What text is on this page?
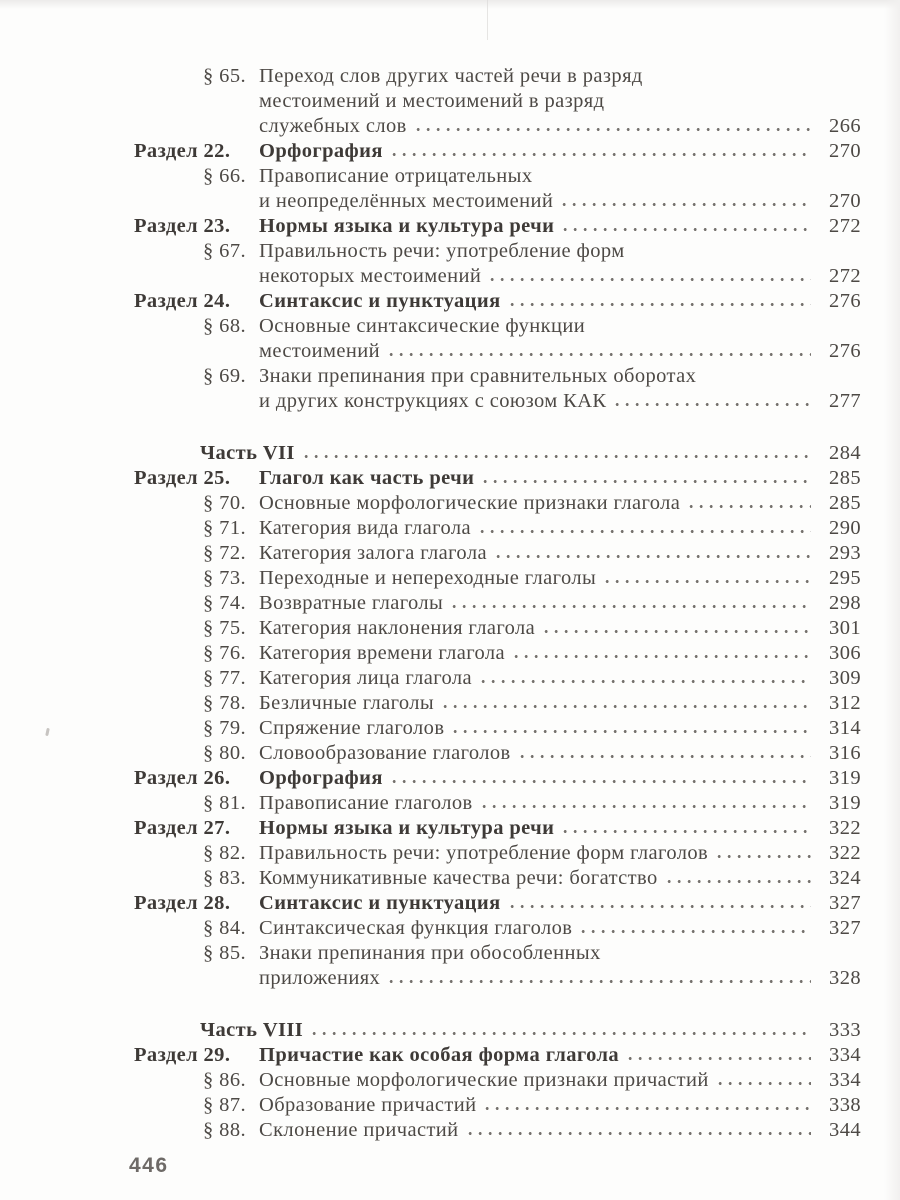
§ 65. Переход слов других частей речи в разряд
местоимений и местоимений в разряд
служебных слов	266
Раздел 22.	Орфография	270
§ 66. Правописание отрицательных
и неопределённых местоимений	270
Раздел 23.	Нормы языка и культура речи	272
§ 67. Правильность речи: употребление форм
некоторых местоимений	272
Раздел 24.	Синтаксис и пунктуация	276
§ 68. Основные синтаксические функции
местоимений	276
§ 69. Знаки препинания при сравнительных оборотах
и других конструкциях с союзом КАК	277
Часть VII	284
Раздел 25.	Глагол как часть речи	285
§ 70. Основные морфологические признаки глагола	285
§ 71. Категория вида глагола	290
§ 72. Категория залога глагола	293
§ 73. Переходные и непереходные глаголы	295
§ 74. Возвратные глаголы	298
§ 75. Категория наклонения глагола	301
§ 76. Категория времени глагола	306
§ 77. Категория лица глагола	309
§ 78. Безличные глаголы	312
§ 79. Спряжение глаголов	314
§ 80. Словообразование глаголов	316
Раздел 26.	Орфография	319
§ 81. Правописание глаголов	319
Раздел 27.	Нормы языка и культура речи	322
§ 82. Правильность речи: употребление форм глаголов	322
§ 83. Коммуникативные качества речи: богатство	324
Раздел 28.	Синтаксис и пунктуация	327
§ 84. Синтаксическая функция глаголов	327
§ 85. Знаки препинания при обособленных
приложениях	328
Часть VIII	333
Раздел 29.	Причастие как особая форма глагола	334
§ 86. Основные морфологические признаки причастий	334
§ 87. Образование причастий	338
§ 88. Склонение причастий	344
446
